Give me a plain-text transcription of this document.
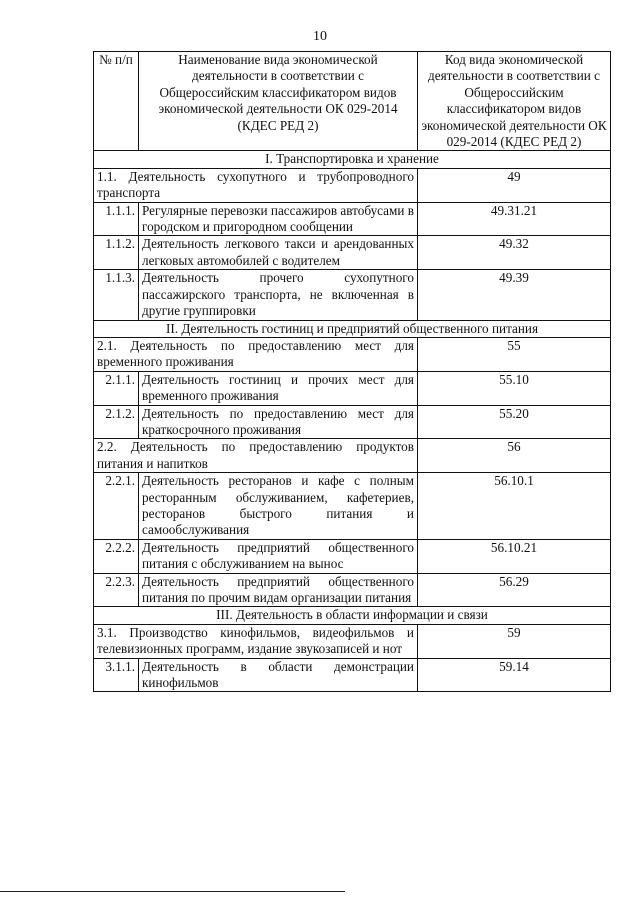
10
№ п/п	Наименование вида экономической деятельности в соответствии с Общероссийским классификатором видов экономической деятельности ОК 029-2014 (КДЕС РЕД 2)	Код вида экономической деятельности в соответствии с Общероссийским классификатором видов экономической деятельности ОК 029-2014 (КДЕС РЕД 2)
I. Транспортировка и хранение		
1.1. Деятельность сухопутного и трубопроводного транспорта		49
1.1.1.	Регулярные перевозки пассажиров автобусами в городском и пригородном сообщении	49.31.21
1.1.2.	Деятельность легкового такси и арендованных легковых автомобилей с водителем	49.32
1.1.3.	Деятельность прочего сухопутного пассажирского транспорта, не включенная в другие группировки	49.39
II. Деятельность гостиниц и предприятий общественного питания		
2.1. Деятельность по предоставлению мест для временного проживания		55
2.1.1.	Деятельность гостиниц и прочих мест для временного проживания	55.10
2.1.2.	Деятельность по предоставлению мест для краткосрочного проживания	55.20
2.2. Деятельность по предоставлению продуктов питания и напитков		56
2.2.1.	Деятельность ресторанов и кафе с полным ресторанным обслуживанием, кафетериев, ресторанов быстрого питания и самообслуживания	56.10.1
2.2.2.	Деятельность предприятий общественного питания с обслуживанием на вынос	56.10.21
2.2.3.	Деятельность предприятий общественного питания по прочим видам организации питания	56.29
III. Деятельность в области информации и связи		
3.1. Производство кинофильмов, видеофильмов и телевизионных программ, издание звукозаписей и нот		59
3.1.1.	Деятельность в области демонстрации кинофильмов	59.14
